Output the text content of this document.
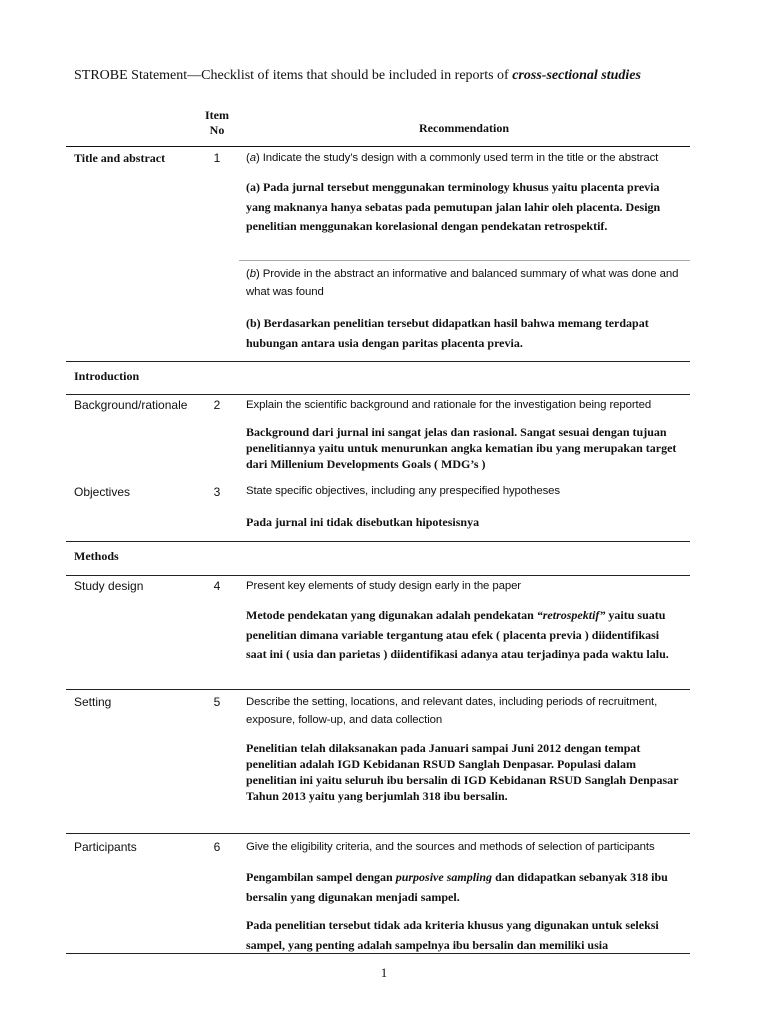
STROBE Statement—Checklist of items that should be included in reports of cross-sectional studies
Item
No	Recommendation
Title and abstract	1	(a) Indicate the study’s design with a commonly used term in the title or the abstract
(a) Pada jurnal tersebut menggunakan terminology khusus yaitu placenta previa yang maknanya hanya sebatas pada pemutupan jalan lahir oleh placenta. Design penelitian menggunakan korelasional dengan pendekatan retrospektif.
(b) Provide in the abstract an informative and balanced summary of what was done and what was found
(b) Berdasarkan penelitian tersebut didapatkan hasil bahwa memang terdapat hubungan antara usia dengan paritas placenta previa.
Introduction
Background/rationale	2	Explain the scientific background and rationale for the investigation being reported
Background dari jurnal ini sangat jelas dan rasional. Sangat sesuai dengan tujuan penelitiannya yaitu untuk menurunkan angka kematian ibu yang merupakan target dari Millenium Developments Goals ( MDG’s )
Objectives	3	State specific objectives, including any prespecified hypotheses
Pada jurnal ini tidak disebutkan hipotesisnya
Methods
Study design	4	Present key elements of study design early in the paper
Metode pendekatan yang digunakan adalah pendekatan “retrospektif” yaitu suatu penelitian dimana variable tergantung atau efek ( placenta previa ) diidentifikasi saat ini ( usia dan parietas ) diidentifikasi adanya atau terjadinya pada waktu lalu.
Setting	5	Describe the setting, locations, and relevant dates, including periods of recruitment, exposure, follow-up, and data collection
Penelitian telah dilaksanakan pada Januari sampai Juni 2012 dengan tempat penelitian adalah IGD Kebidanan RSUD Sanglah Denpasar. Populasi dalam penelitian ini yaitu seluruh ibu bersalin di IGD Kebidanan RSUD Sanglah Denpasar Tahun 2013 yaitu yang berjumlah 318 ibu bersalin.
Participants	6	Give the eligibility criteria, and the sources and methods of selection of participants
Pengambilan sampel dengan purposive sampling dan didapatkan sebanyak 318 ibu bersalin yang digunakan menjadi sampel.
Pada penelitian tersebut tidak ada kriteria khusus yang digunakan untuk seleksi sampel, yang penting adalah sampelnya ibu bersalin dan memiliki usia
1
